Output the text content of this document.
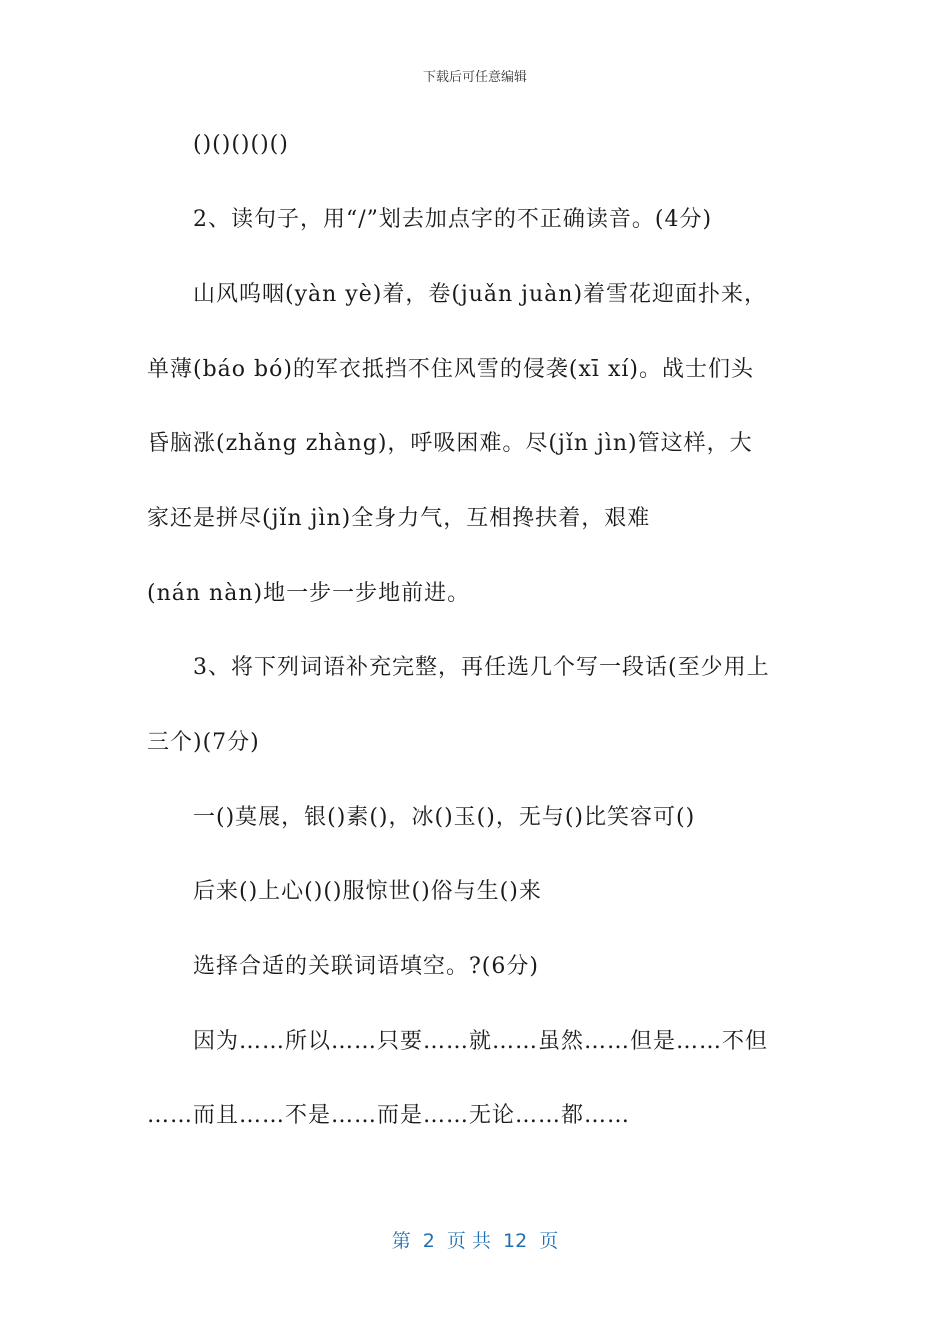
下载后可任意编辑
()()()()()
2、读句子，用“/”划去加点字的不正确读音。(4分)
山风呜咽(yàn yè)着，卷(juǎn juàn)着雪花迎面扑来，
单薄(báo bó)的军衣抵挡不住风雪的侵袭(xī xí)。战士们头
昏脑涨(zhǎng zhàng)，呼吸困难。尽(jǐn jìn)管这样，大
家还是拼尽(jǐn jìn)全身力气，互相搀扶着，艰难
(nán nàn)地一步一步地前进。
3、将下列词语补充完整，再任选几个写一段话(至少用上
三个)(7分)
一()莫展，银()素()，冰()玉()，无与()比笑容可()
后来()上心()()服惊世()俗与生()来
选择合适的关联词语填空。?(6分)
因为……所以……只要……就……虽然……但是……不但
……而且……不是……而是……无论……都……
第  2  页 共  12  页
